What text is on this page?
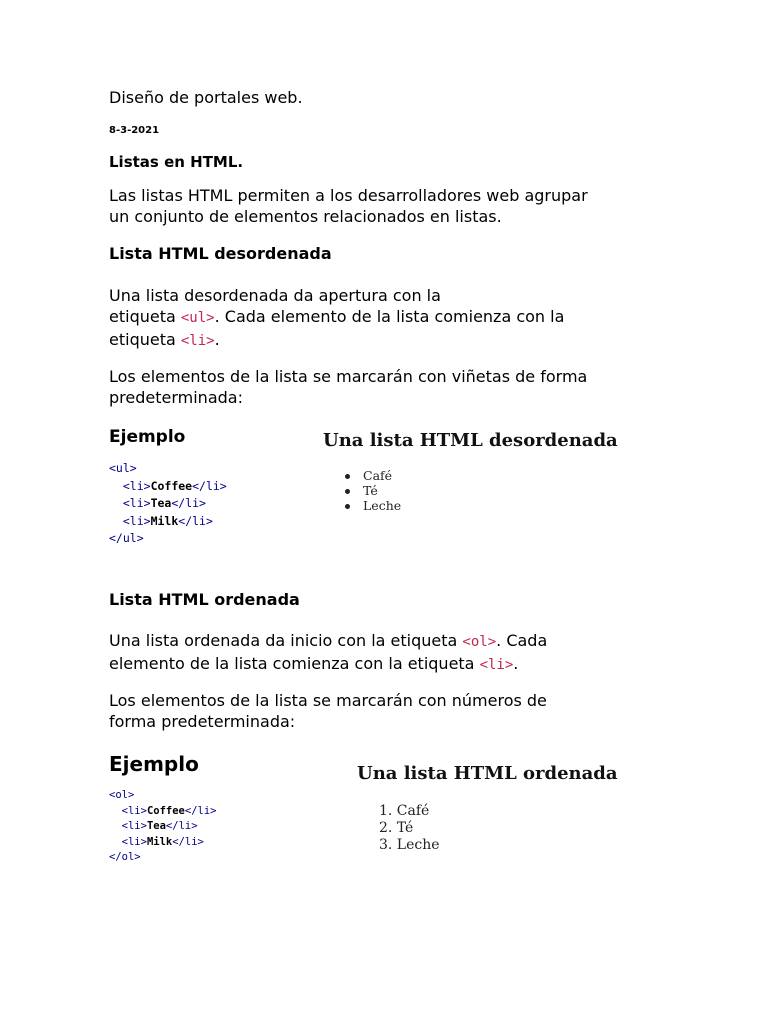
Diseño de portales web.

8-3-2021

Listas en HTML.

Las listas HTML permiten a los desarrolladores web agrupar
un conjunto de elementos relacionados en listas.

Lista HTML desordenada

Una lista desordenada da apertura con la
etiqueta <ul>. Cada elemento de la lista comienza con la
etiqueta <li>.
Los elementos de la lista se marcarán con viñetas de forma
predeterminada:

Ejemplo

<ul>
<li>Coffee</li>
<li>Tea</li>
<li>Milk</li>
</ul>

Una lista HTML desordenada

Café
Té
Leche

Lista HTML ordenada

Una lista ordenada da inicio con la etiqueta <ol>. Cada
elemento de la lista comienza con la etiqueta <li>.
Los elementos de la lista se marcarán con números de
forma predeterminada:

Ejemplo

<ol>
<li>Coffee</li>
<li>Tea</li>
<li>Milk</li>
</ol>

Una lista HTML ordenada

1. Café
2. Té
3. Leche
